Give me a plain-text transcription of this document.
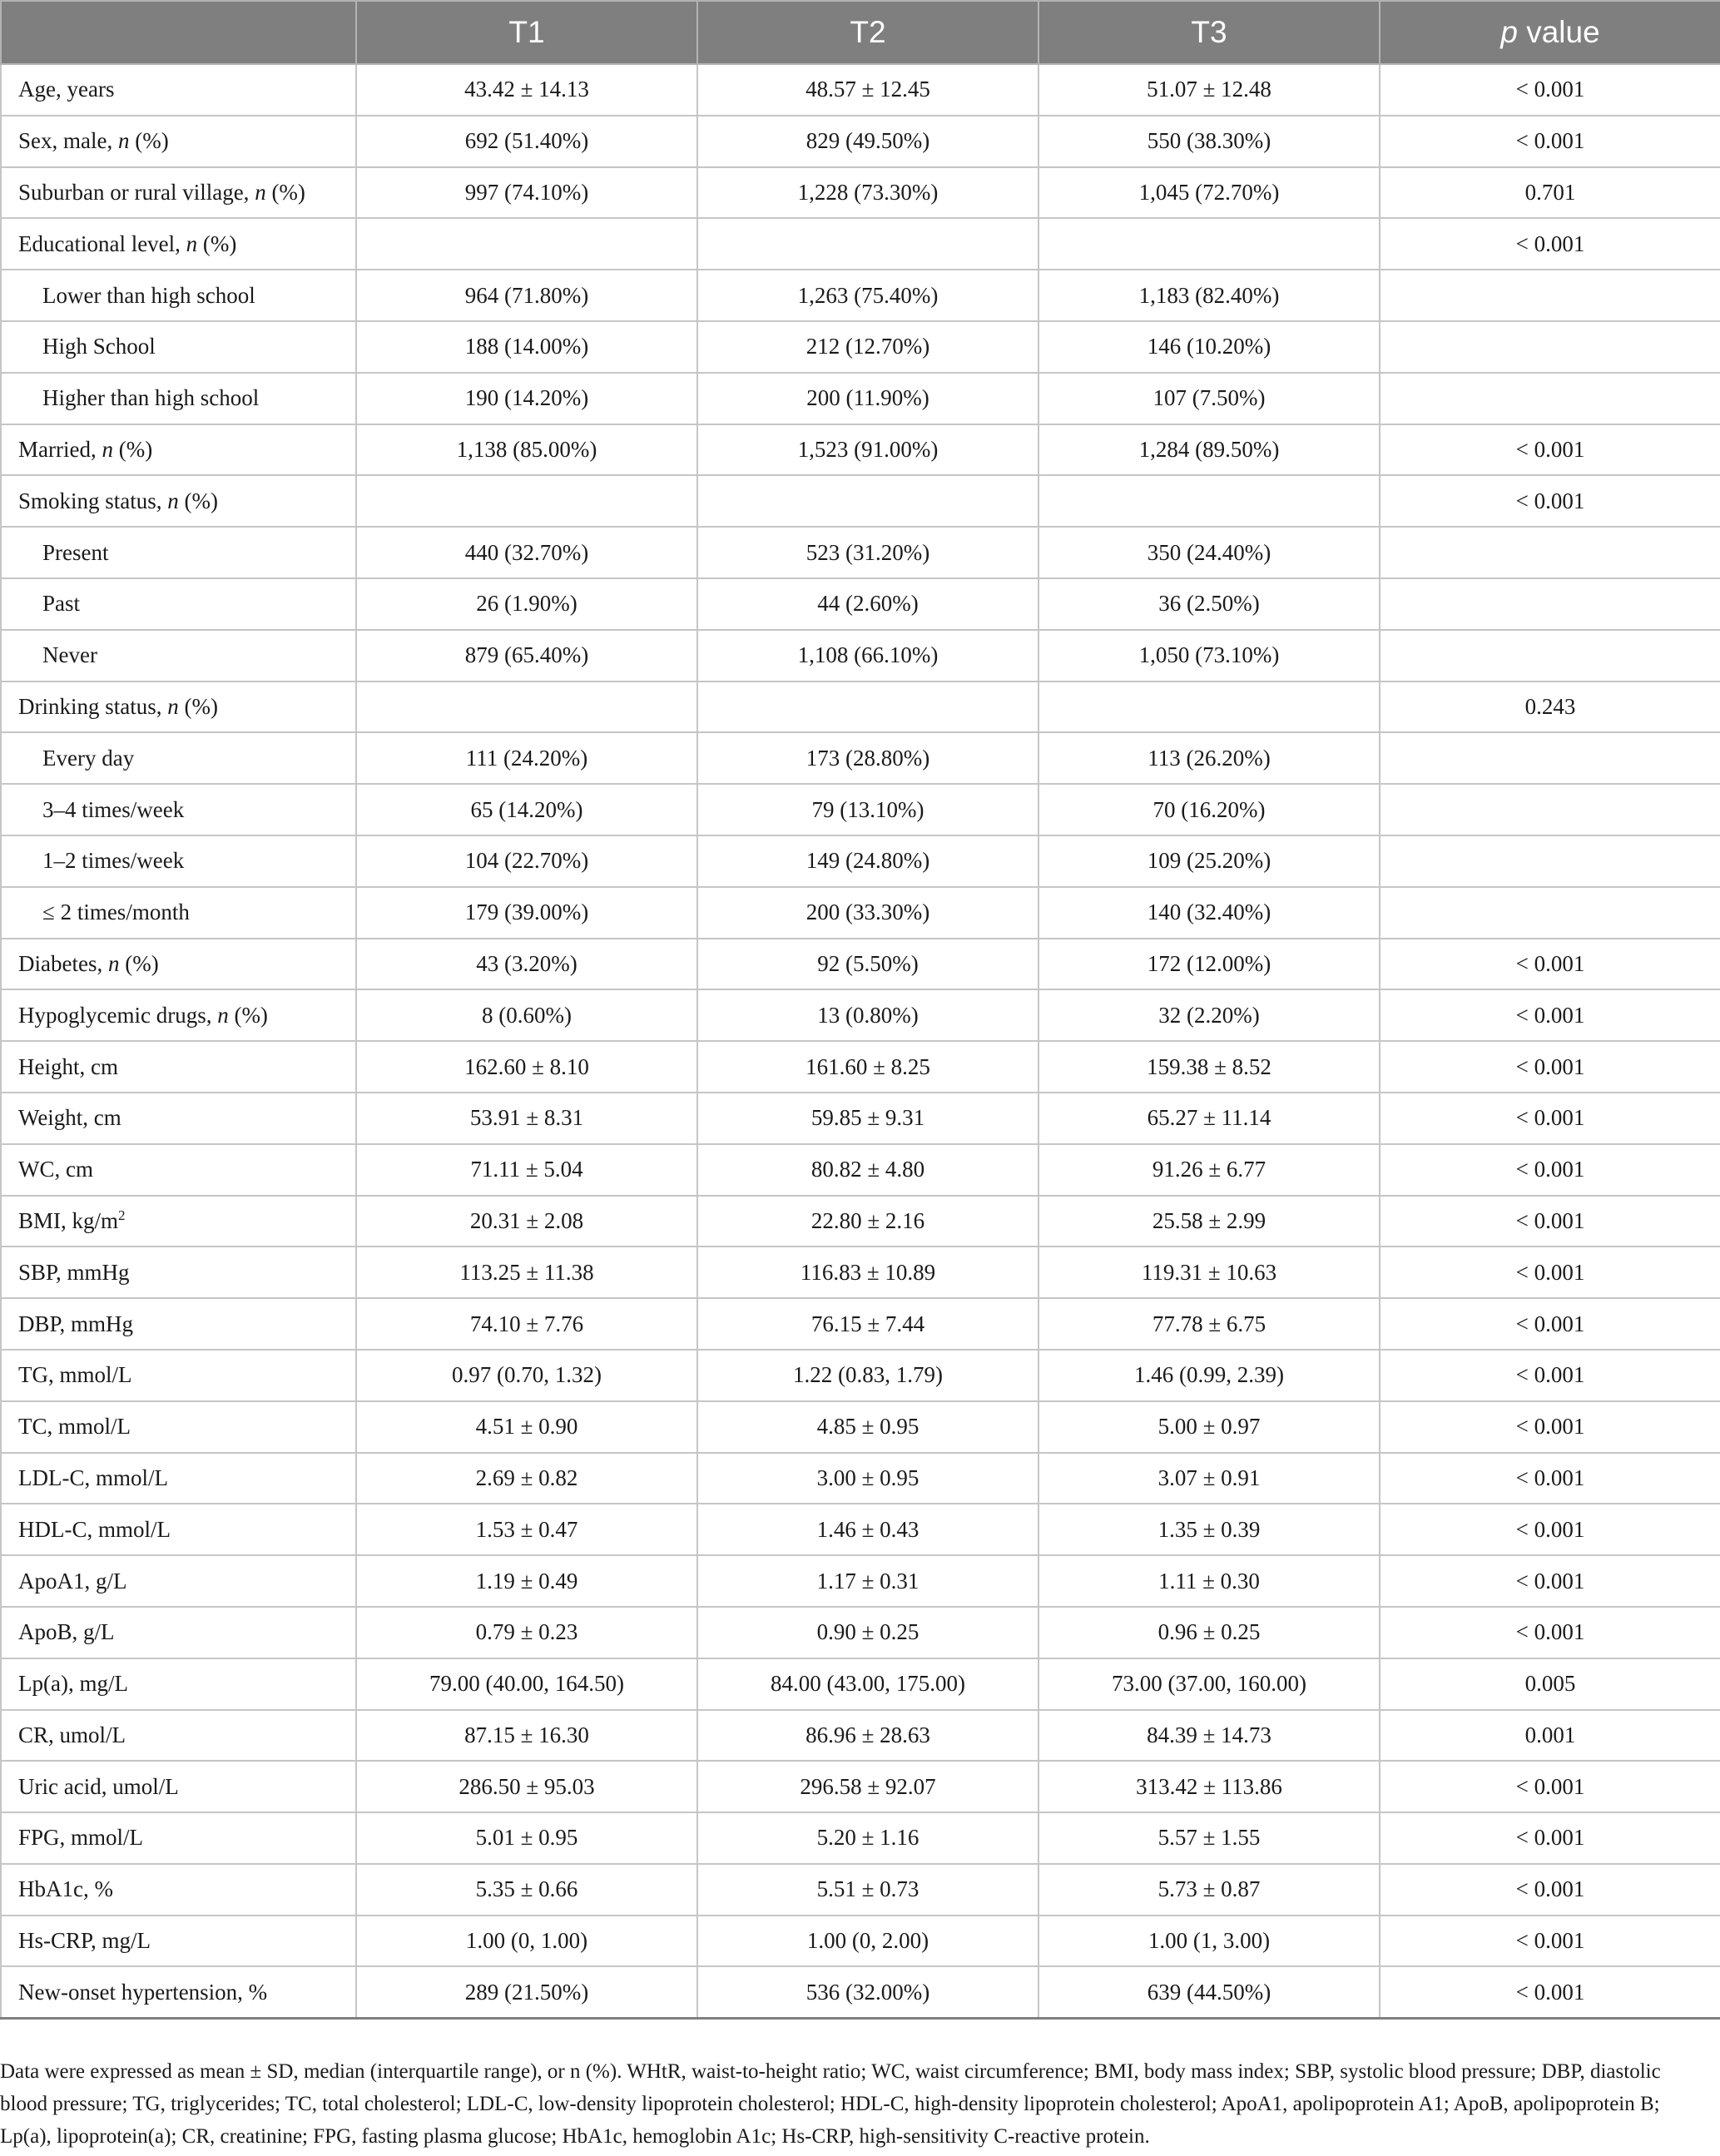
	T1	T2	T3	p value
Age, years	43.42 ± 14.13	48.57 ± 12.45	51.07 ± 12.48	< 0.001
Sex, male, n (%)	692 (51.40%)	829 (49.50%)	550 (38.30%)	< 0.001
Suburban or rural village, n (%)	997 (74.10%)	1,228 (73.30%)	1,045 (72.70%)	0.701
Educational level, n (%)				< 0.001
Lower than high school	964 (71.80%)	1,263 (75.40%)	1,183 (82.40%)	
High School	188 (14.00%)	212 (12.70%)	146 (10.20%)	
Higher than high school	190 (14.20%)	200 (11.90%)	107 (7.50%)	
Married, n (%)	1,138 (85.00%)	1,523 (91.00%)	1,284 (89.50%)	< 0.001
Smoking status, n (%)				< 0.001
Present	440 (32.70%)	523 (31.20%)	350 (24.40%)	
Past	26 (1.90%)	44 (2.60%)	36 (2.50%)	
Never	879 (65.40%)	1,108 (66.10%)	1,050 (73.10%)	
Drinking status, n (%)				0.243
Every day	111 (24.20%)	173 (28.80%)	113 (26.20%)	
3–4 times/week	65 (14.20%)	79 (13.10%)	70 (16.20%)	
1–2 times/week	104 (22.70%)	149 (24.80%)	109 (25.20%)	
≤ 2 times/month	179 (39.00%)	200 (33.30%)	140 (32.40%)	
Diabetes, n (%)	43 (3.20%)	92 (5.50%)	172 (12.00%)	< 0.001
Hypoglycemic drugs, n (%)	8 (0.60%)	13 (0.80%)	32 (2.20%)	< 0.001
Height, cm	162.60 ± 8.10	161.60 ± 8.25	159.38 ± 8.52	< 0.001
Weight, cm	53.91 ± 8.31	59.85 ± 9.31	65.27 ± 11.14	< 0.001
WC, cm	71.11 ± 5.04	80.82 ± 4.80	91.26 ± 6.77	< 0.001
BMI, $kg/m^2$	20.31 ± 2.08	22.80 ± 2.16	25.58 ± 2.99	< 0.001
SBP, mmHg	113.25 ± 11.38	116.83 ± 10.89	119.31 ± 10.63	< 0.001
DBP, mmHg	74.10 ± 7.76	76.15 ± 7.44	77.78 ± 6.75	< 0.001
TG, mmol/L	0.97 (0.70, 1.32)	1.22 (0.83, 1.79)	1.46 (0.99, 2.39)	< 0.001
TC, mmol/L	4.51 ± 0.90	4.85 ± 0.95	5.00 ± 0.97	< 0.001
LDL-C, mmol/L	2.69 ± 0.82	3.00 ± 0.95	3.07 ± 0.91	< 0.001
HDL-C, mmol/L	1.53 ± 0.47	1.46 ± 0.43	1.35 ± 0.39	< 0.001
ApoA1, g/L	1.19 ± 0.49	1.17 ± 0.31	1.11 ± 0.30	< 0.001
ApoB, g/L	0.79 ± 0.23	0.90 ± 0.25	0.96 ± 0.25	< 0.001
Lp(a), mg/L	79.00 (40.00, 164.50)	84.00 (43.00, 175.00)	73.00 (37.00, 160.00)	0.005
CR, umol/L	87.15 ± 16.30	86.96 ± 28.63	84.39 ± 14.73	0.001
Uric acid, umol/L	286.50 ± 95.03	296.58 ± 92.07	313.42 ± 113.86	< 0.001
FPG, mmol/L	5.01 ± 0.95	5.20 ± 1.16	5.57 ± 1.55	< 0.001
HbA1c, %	5.35 ± 0.66	5.51 ± 0.73	5.73 ± 0.87	< 0.001
Hs-CRP, mg/L	1.00 (0, 1.00)	1.00 (0, 2.00)	1.00 (1, 3.00)	< 0.001
New-onset hypertension, %	289 (21.50%)	536 (32.00%)	639 (44.50%)	< 0.001
Data were expressed as mean ± SD, median (interquartile range), or n (%). WHtR, waist-to-height ratio; WC, waist circumference; BMI, body mass index; SBP, systolic blood pressure; DBP, diastolic blood pressure; TG, triglycerides; TC, total cholesterol; LDL-C, low-density lipoprotein cholesterol; HDL-C, high-density lipoprotein cholesterol; ApoA1, apolipoprotein A1; ApoB, apolipoprotein B; Lp(a), lipoprotein(a); CR, creatinine; FPG, fasting plasma glucose; HbA1c, hemoglobin A1c; Hs-CRP, high-sensitivity C-reactive protein.
